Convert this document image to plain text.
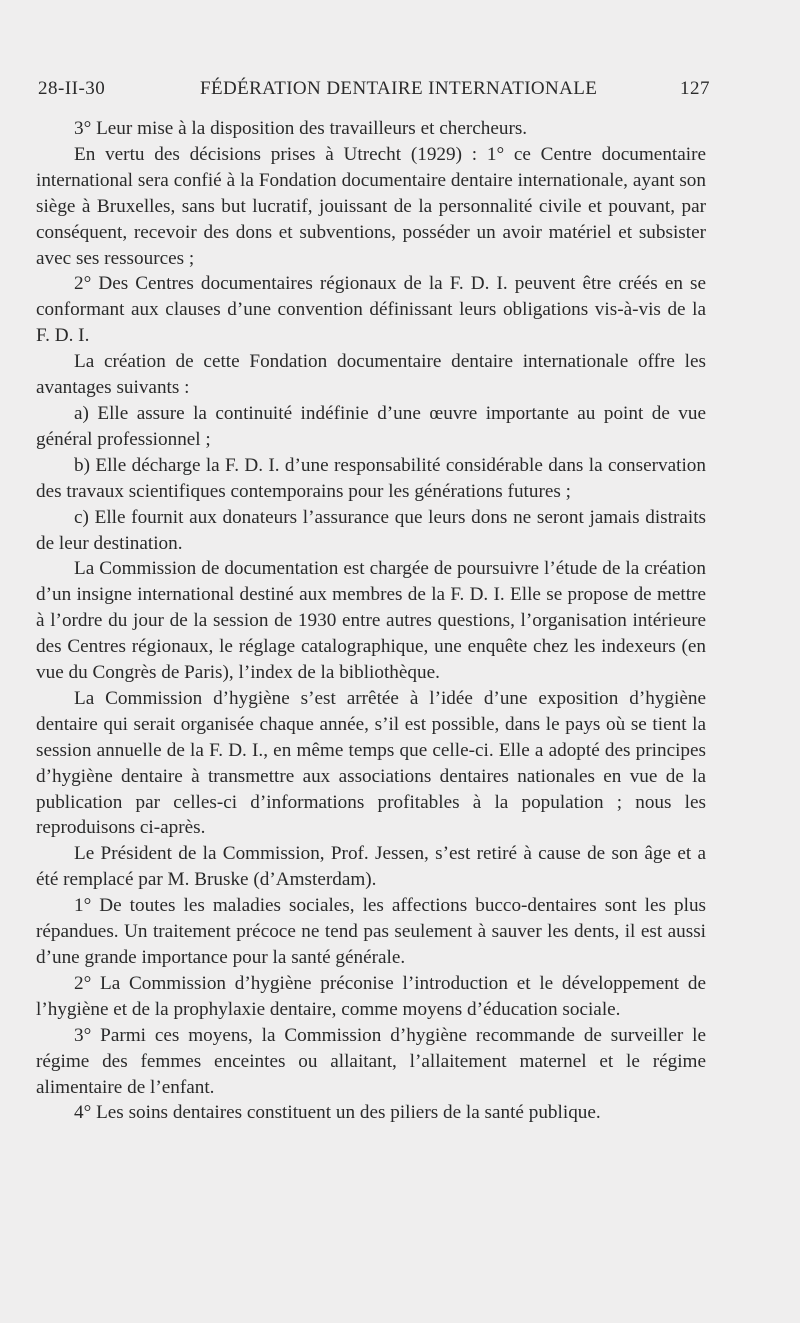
28-II-30	FÉDÉRATION DENTAIRE INTERNATIONALE	127

3° Leur mise à la disposition des travailleurs et chercheurs.

En vertu des décisions prises à Utrecht (1929) : 1° ce Centre documentaire international sera confié à la Fondation documentaire dentaire internationale, ayant son siège à Bruxelles, sans but lucratif, jouissant de la personnalité civile et pouvant, par conséquent, recevoir des dons et subventions, posséder un avoir matériel et subsister avec ses ressources ;

2° Des Centres documentaires régionaux de la F. D. I. peuvent être créés en se conformant aux clauses d’une convention définissant leurs obligations vis-à-vis de la F. D. I.

La création de cette Fondation documentaire dentaire internationale offre les avantages suivants :

a) Elle assure la continuité indéfinie d’une œuvre importante au point de vue général professionnel ;

b) Elle décharge la F. D. I. d’une responsabilité considérable dans la conservation des travaux scientifiques contemporains pour les générations futures ;

c) Elle fournit aux donateurs l’assurance que leurs dons ne seront jamais distraits de leur destination.

La Commission de documentation est chargée de poursuivre l’étude de la création d’un insigne international destiné aux membres de la F. D. I. Elle se propose de mettre à l’ordre du jour de la session de 1930 entre autres questions, l’organisation intérieure des Centres régionaux, le réglage catalographique, une enquête chez les indexeurs (en vue du Congrès de Paris), l’index de la bibliothèque.

La Commission d’hygiène s’est arrêtée à l’idée d’une exposition d’hygiène dentaire qui serait organisée chaque année, s’il est possible, dans le pays où se tient la session annuelle de la F. D. I., en même temps que celle-ci. Elle a adopté des principes d’hygiène dentaire à transmettre aux associations dentaires nationales en vue de la publication par celles-ci d’informations profitables à la population ; nous les reproduisons ci-après.

Le Président de la Commission, Prof. Jessen, s’est retiré à cause de son âge et a été remplacé par M. Bruske (d’Amsterdam).

1° De toutes les maladies sociales, les affections bucco-dentaires sont les plus répandues. Un traitement précoce ne tend pas seulement à sauver les dents, il est aussi d’une grande importance pour la santé générale.

2° La Commission d’hygiène préconise l’introduction et le développement de l’hygiène et de la prophylaxie dentaire, comme moyens d’éducation sociale.

3° Parmi ces moyens, la Commission d’hygiène recommande de surveiller le régime des femmes enceintes ou allaitant, l’allaitement maternel et le régime alimentaire de l’enfant.

4° Les soins dentaires constituent un des piliers de la santé publique.
